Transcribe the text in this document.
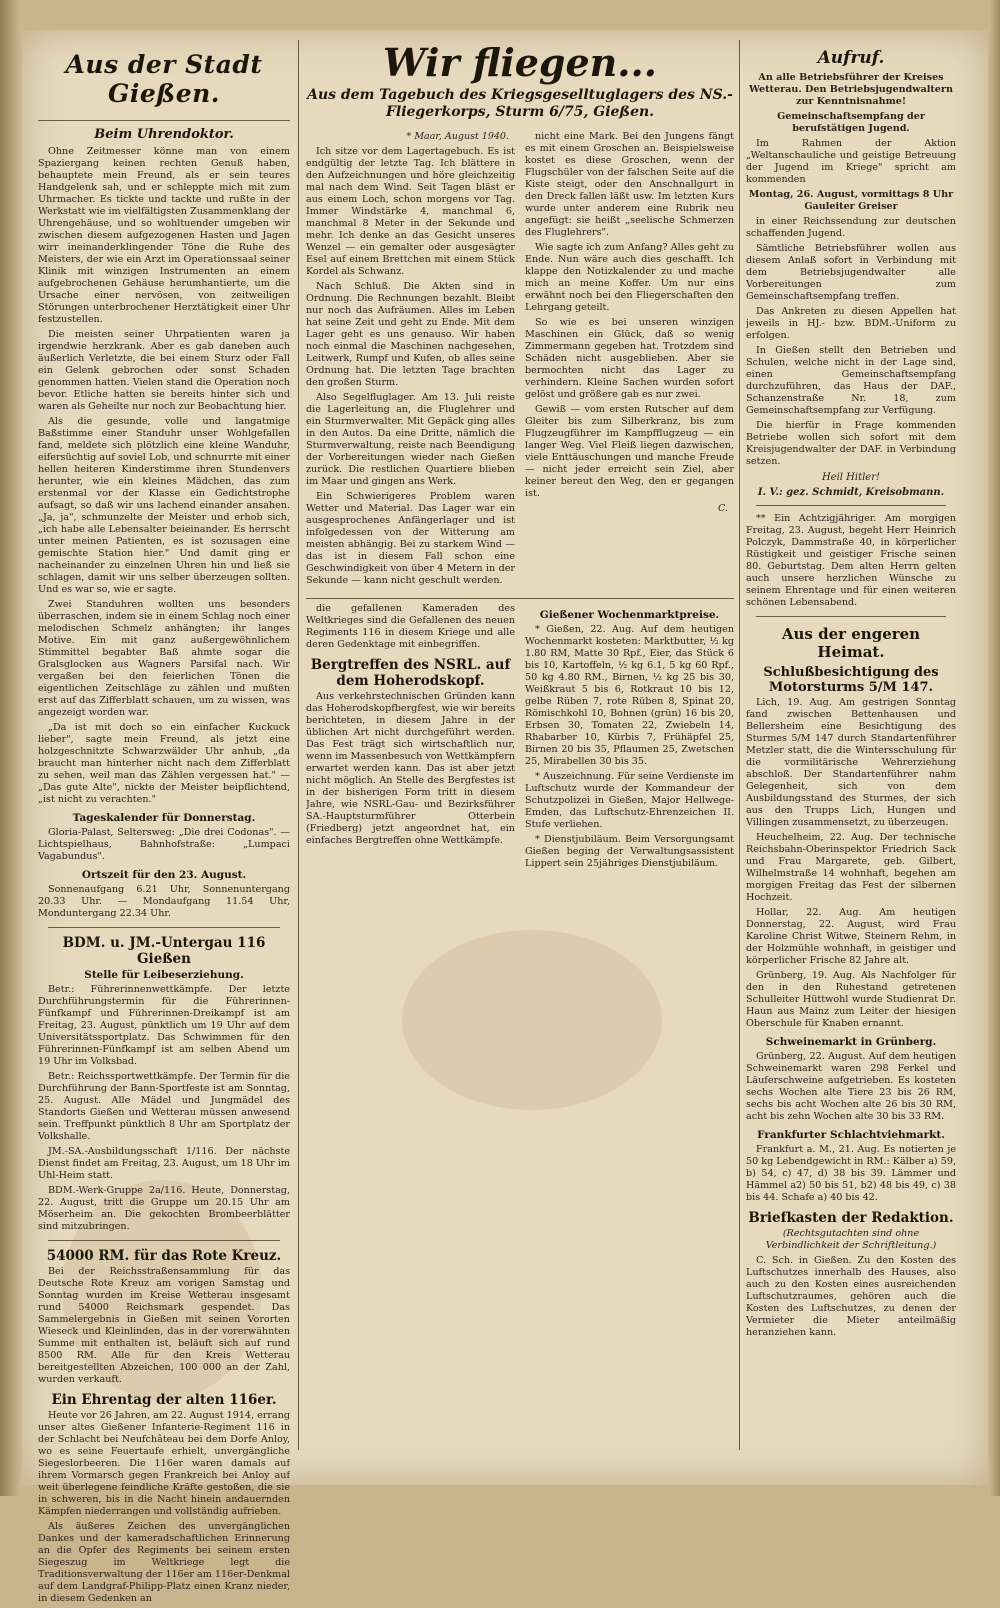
Aus der Stadt Gießen.
Beim Uhrendoktor.

Ohne Zeitmesser könne man von einem Spaziergang keinen rechten Genuß haben, behauptete mein Freund, als er sein teures Handgelenk sah, und er schleppte mich mit zum Uhrmacher. Es tickte und tackte und rußte in der Werkstatt wie im vielfältigsten Zusammenklang der Uhrengehäuse, und so wohltuender umgeben wir zwischen diesem aufgezogenen Hasten und Jagen wirr ineinanderklingender Töne die Ruhe des Meisters, der wie ein Arzt im Operationssaal seiner Klinik mit winzigen Instrumenten an einem aufgebrochenen Gehäuse herumhantierte, um die Ursache einer nervösen, von zeitweiligen Störungen unterbrochener Herztätigkeit einer Uhr festzustellen.

Die meisten seiner Uhrpatienten waren ja irgendwie herzkrank. Aber es gab daneben auch äußerlich Verletzte, die bei einem Sturz oder Fall ein Gelenk gebrochen oder sonst Schaden genommen hatten. Vielen stand die Operation noch bevor. Etliche hatten sie bereits hinter sich und waren als Geheilte nur noch zur Beobachtung hier.

Als die gesunde, volle und langatmige Baßstimme einer Standuhr unser Wohlgefallen fand, meldete sich plötzlich eine kleine Wanduhr, eifersüchtig auf soviel Lob, und schnurrte mit einer hellen heiteren Kinderstimme ihren Stundenvers herunter, wie ein kleines Mädchen, das zum erstenmal vor der Klasse ein Gedichtstrophe aufsagt, so daß wir uns lachend einander ansahen. „Ja, ja", schmunzelte der Meister und erhob sich, „ich habe alle Lebensalter beieinander. Es herrscht unter meinen Patienten, es ist sozusagen eine gemischte Station hier." Und damit ging er nacheinander zu einzelnen Uhren hin und ließ sie schlagen, damit wir uns selber überzeugen sollten. Und es war so, wie er sagte.

Zwei Standuhren wollten uns besonders überraschen, indem sie in einem Schlag noch einer melodischen Schmelz anhängten; ihr langes Motive. Ein mit ganz außergewöhnlichem Stimmittel begabter Baß ahmte sogar die Gralsglocken aus Wagners Parsifal nach. Wir vergaßen bei den feierlichen Tönen die eigentlichen Zeitschläge zu zählen und mußten erst auf das Zifferblatt schauen, um zu wissen, was angezeigt worden war.

„Da ist mit doch so ein einfacher Kuckuck lieber", sagte mein Freund, als jetzt eine holzgeschnitzte Schwarzwälder Uhr anhub, „da braucht man hinterher nicht nach dem Zifferblatt zu sehen, weil man das Zählen vergessen hat." — „Das gute Alte", nickte der Meister beipflichtend, „ist nicht zu verachten."

Tageskalender für Donnerstag.

Gloria-Palast, Seltersweg: „Die drei Codonas". — Lichtspielhaus, Bahnhofstraße: „Lumpaci Vagabundus".

Ortszeit für den 23. August.

Sonnenaufgang 6.21 Uhr, Sonnenuntergang 20.33 Uhr. — Mondaufgang 11.54 Uhr, Monduntergang 22.34 Uhr.

BDM. u. JM.-Untergau 116 Gießen
Stelle für Leibeserziehung.

Betr.: Führerinnenwettkämpfe. Der letzte Durchführungstermin für die Führerinnen-Fünfkampf und Führerinnen-Dreikampf ist am Freitag, 23. August, pünktlich um 19 Uhr auf dem Universitätssportplatz. Das Schwimmen für den Führerinnen-Fünfkampf ist am selben Abend um 19 Uhr im Volksbad.

Betr.: Reichssportwettkämpfe. Der Termin für die Durchführung der Bann-Sportfeste ist am Sonntag, 25. August. Alle Mädel und Jungmädel des Standorts Gießen und Wetterau müssen anwesend sein. Treffpunkt pünktlich 8 Uhr am Sportplatz der Volkshalle.

JM.-SA.-Ausbildungsschaft 1/116. Der nächste Dienst findet am Freitag, 23. August, um 18 Uhr im Uhl-Heim statt.

BDM.-Werk-Gruppe 2a/116. Heute, Donnerstag, 22. August, tritt die Gruppe um 20.15 Uhr am Möserheim an. Die gekochten Brombeerblätter sind mitzubringen.

54000 RM. für das Rote Kreuz.

Bei der Reichsstraßensammlung für das Deutsche Rote Kreuz am vorigen Samstag und Sonntag wurden im Kreise Wetterau insgesamt rund 54000 Reichsmark gespendet. Das Sammelergebnis in Gießen mit seinen Vororten Wieseck und Kleinlinden, das in der vorerwähnten Summe mit enthalten ist, beläuft sich auf rund 8500 RM. Alle für den Kreis Wetterau bereitgestellten Abzeichen, 100 000 an der Zahl, wurden verkauft.

Ein Ehrentag der alten 116er.

Heute vor 26 Jahren, am 22. August 1914, errang unser altes Gießener Infanterie-Regiment 116 in der Schlacht bei Neufchâteau bei dem Dorfe Anloy, wo es seine Feuertaufe erhielt, unvergängliche Siegeslorbeeren. Die 116er waren damals auf ihrem Vormarsch gegen Frankreich bei Anloy auf weit überlegene feindliche Kräfte gestoßen, die sie in schweren, bis in die Nacht hinein andauernden Kämpfen niederrangen und vollständig aufrieben.

Als äußeres Zeichen des unvergänglichen Dankes und der kameradschaftlichen Erinnerung an die Opfer des Regiments bei seinem ersten Siegeszug im Weltkriege legt die Traditionsverwaltung der 116er am 116er-Denkmal auf dem Landgraf-Philipp-Platz einen Kranz nieder, in diesem Gedenken an

Wir fliegen...
Aus dem Tagebuch des Kriegsgeselltuglagers des NS.-Fliegerkorps, Sturm 6/75, Gießen.
* Maar, August 1940.

Ich sitze vor dem Lagertagebuch. Es ist endgültig der letzte Tag. Ich blättere in den Aufzeichnungen und höre gleichzeitig mal nach dem Wind. Seit Tagen bläst er aus einem Loch, schon morgens vor Tag. Immer Windstärke 4, manchmal 6, manchmal 8 Meter in der Sekunde und mehr. Ich denke an das Gesicht unseres Wenzel — ein gemalter oder ausgesägter Esel auf einem Brettchen mit einem Stück Kordel als Schwanz.

Nach Schluß. Die Akten sind in Ordnung. Die Rechnungen bezahlt. Bleibt nur noch das Aufräumen. Alles im Leben hat seine Zeit und geht zu Ende. Mit dem Lager geht es uns genauso. Wir haben noch einmal die Maschinen nachgesehen, Leitwerk, Rumpf und Kufen, ob alles seine Ordnung hat. Die letzten Tage brachten den großen Sturm.

Also Segelfluglager. Am 13. Juli reiste die Lagerleitung an, die Fluglehrer und ein Sturmverwalter. Mit Gepäck ging alles in den Autos. Da eine Dritte, nämlich die Sturmverwaltung, reiste nach Beendigung der Vorbereitungen wieder nach Gießen zurück. Die restlichen Quartiere blieben im Maar und gingen ans Werk.

Ein Schwierigeres Problem waren Wetter und Material. Das Lager war ein ausgesprochenes Anfängerlager und ist infolgedessen von der Witterung am meisten abhängig. Bei zu starkem Wind — das ist in diesem Fall schon eine Geschwindigkeit von über 4 Metern in der Sekunde — kann nicht geschult werden.

nicht eine Mark. Bei den Jungens fängt es mit einem Groschen an. Beispielsweise kostet es diese Groschen, wenn der Flugschüler von der falschen Seite auf die Kiste steigt, oder den Anschnallgurt in den Dreck fallen läßt usw. Im letzten Kurs wurde unter anderem eine Rubrik neu angefügt: sie heißt „seelische Schmerzen des Fluglehrers".

Wie sagte ich zum Anfang? Alles geht zu Ende. Nun wäre auch dies geschafft. Ich klappe den Notizkalender zu und mache mich an meine Koffer. Um nur eins erwähnt noch bei den Fliegerschaften den Lehrgang geteilt.

So wie es bei unseren winzigen Maschinen ein Glück, daß so wenig Zimmermann gegeben hat. Trotzdem sind Schäden nicht ausgeblieben. Aber sie bermochten nicht das Lager zu verhindern. Kleine Sachen wurden sofort gelöst und größere gab es nur zwei.

Gewiß — vom ersten Rutscher auf dem Gleiter bis zum Silberkranz, bis zum Flugzeugführer im Kampfflugzeug — ein langer Weg. Viel Fleiß liegen dazwischen, viele Enttäuschungen und manche Freude — nicht jeder erreicht sein Ziel, aber keiner bereut den Weg, den er gegangen ist.

C.

die gefallenen Kameraden des Weltkrieges sind die Gefallenen des neuen Regiments 116 in diesem Kriege und alle deren Gedenktage mit einbegriffen.

Bergtreffen des NSRL. auf dem Hoherodskopf.

Aus verkehrstechnischen Gründen kann das Hoherodskopfbergfest, wie wir bereits berichteten, in diesem Jahre in der üblichen Art nicht durchgeführt werden. Das Fest trägt sich wirtschaftlich nur, wenn im Massenbesuch von Wettkämpfern erwartet werden kann. Das ist aber jetzt nicht möglich. An Stelle des Bergfestes ist in der bisherigen Form tritt in diesem Jahre, wie NSRL-Gau- und Bezirksführer SA.-Hauptsturmführer Otterbein (Friedberg) jetzt angeordnet hat, ein einfaches Bergtreffen ohne Wettkämpfe.

Gießener Wochenmarktpreise.

* Gießen, 22. Aug. Auf dem heutigen Wochenmarkt kosteten: Marktbutter, ½ kg 1.80 RM, Matte 30 Rpf., Eier, das Stück 6 bis 10, Kartoffeln, ½ kg 6.1, 5 kg 60 Rpf., 50 kg 4.80 RM., Birnen, ½ kg 25 bis 30, Weißkraut 5 bis 6, Rotkraut 10 bis 12, gelbe Rüben 7, rote Rüben 8, Spinat 20, Römischkohl 10, Bohnen (grün) 16 bis 20, Erbsen 30, Tomaten 22, Zwiebeln 14, Rhabarber 10, Kürbis 7, Frühäpfel 25, Birnen 20 bis 35, Pflaumen 25, Zwetschen 25, Mirabellen 30 bis 35.

* Auszeichnung. Für seine Verdienste im Luftschutz wurde der Kommandeur der Schutzpolizei in Gießen, Major Hellwege-Emden, das Luftschutz-Ehrenzeichen II. Stufe verliehen.

* Dienstjubiläum. Beim Versorgungsamt Gießen beging der Verwaltungsassistent Lippert sein 25jähriges Dienstjubiläum.

Aufruf.

An alle Betriebsführer der Kreises Wetterau. Den Betriebsjugendwaltern zur Kenntnisnahme!

Gemeinschaftsempfang der berufstätigen Jugend.

Im Rahmen der Aktion „Weltanschauliche und geistige Betreuung der Jugend im Kriege" spricht am kommenden

Montag, 26. August, vormittags 8 Uhr Gauleiter Greiser

in einer Reichssendung zur deutschen schaffenden Jugend.

Sämtliche Betriebsführer wollen aus diesem Anlaß sofort in Verbindung mit dem Betriebsjugendwalter alle Vorbereitungen zum Gemeinschaftsempfang treffen.

Das Ankreten zu diesen Appellen hat jeweils in HJ.- bzw. BDM.-Uniform zu erfolgen.

In Gießen stellt den Betrieben und Schulen, welche nicht in der Lage sind, einen Gemeinschaftsempfang durchzuführen, das Haus der DAF., Schanzenstraße Nr. 18, zum Gemeinschaftsempfang zur Verfügung.

Die hierfür in Frage kommenden Betriebe wollen sich sofort mit dem Kreisjugendwalter der DAF. in Verbindung setzen.

Heil Hitler!
I. V.: gez. Schmidt, Kreisobmann.

** Ein Achtzigjähriger. Am morgigen Freitag, 23. August, begeht Herr Heinrich Polczyk, Dammstraße 40, in körperlicher Rüstigkeit und geistiger Frische seinen 80. Geburtstag. Dem alten Herrn gelten auch unsere herzlichen Wünsche zu seinem Ehrentage und für einen weiteren schönen Lebensabend.

Aus der engeren Heimat.
Schlußbesichtigung des Motorsturms 5/M 147.

Lich, 19. Aug. Am gestrigen Sonntag fand zwischen Bettenhausen und Bellersheim eine Besichtigung des Sturmes 5/M 147 durch Standartenführer Metzler statt, die die Wintersschulung für die vormilitärische Wehrerziehung abschloß. Der Standartenführer nahm Gelegenheit, sich von dem Ausbildungsstand des Sturmes, der sich aus den Trupps Lich, Hungen und Villingen zusammensetzt, zu überzeugen.

Heuchelheim, 22. Aug. Der technische Reichsbahn-Oberinspektor Friedrich Sack und Frau Margarete, geb. Gilbert, Wilhelmstraße 14 wohnhaft, begehen am morgigen Freitag das Fest der silbernen Hochzeit.

Hollar, 22. Aug. Am heutigen Donnerstag, 22. August, wird Frau Karoline Christ Witwe, Steinern Rehm, in der Holzmühle wohnhaft, in geistiger und körperlicher Frische 82 Jahre alt.

Grünberg, 19. Aug. Als Nachfolger für den in den Ruhestand getretenen Schulleiter Hüttwohl wurde Studienrat Dr. Haun aus Mainz zum Leiter der hiesigen Oberschule für Knaben ernannt.

Schweinemarkt in Grünberg.

Grünberg, 22. August. Auf dem heutigen Schweinemarkt waren 298 Ferkel und Läuferschweine aufgetrieben. Es kosteten sechs Wochen alte Tiere 23 bis 26 RM, sechs bis acht Wochen alte 26 bis 30 RM, acht bis zehn Wochen alte 30 bis 33 RM.

Frankfurter Schlachtviehmarkt.

Frankfurt a. M., 21. Aug. Es notierten je 50 kg Lebendgewicht in RM.: Kälber a) 59, b) 54, c) 47, d) 38 bis 39. Lämmer und Hämmel a2) 50 bis 51, b2) 48 bis 49, c) 38 bis 44. Schafe a) 40 bis 42.

Briefkasten der Redaktion.

(Rechtsgutachten sind ohne Verbindlichkeit der Schriftleitung.)

C. Sch. in Gießen. Zu den Kosten des Luftschutzes innerhalb des Hauses, also auch zu den Kosten eines ausreichenden Luftschutzraumes, gehören auch die Kosten des Luftschutzes, zu denen der Vermieter die Mieter anteilmäßig heranziehen kann.
